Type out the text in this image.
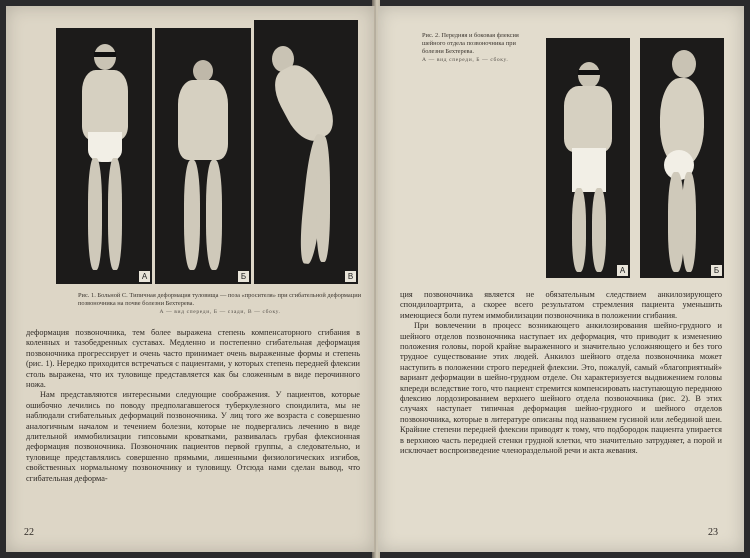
А	Б	В
Рис. 1. Больной С. Типичная деформация туловища — поза «просителя» при сгибательной деформации позвоночника на почве болезни Бехтерева.
А — вид спереди, Б — сзади, В — сбоку.

деформация позвоночника, тем более выражена степень компенсаторного сгибания в коленных и тазобедренных суставах. Медленно и постепенно сгибательная деформация позвоночника прогрессирует и очень часто принимает очень выраженные формы и степень (рис. 1). Нередко приходится встречаться с пациентами, у которых степень передней флексии столь выражена, что их туловище представляется как бы сложенным в виде перочинного ножа.

Нам представляются интересными следующие соображения. У пациентов, которые ошибочно лечились по поводу предполагавшегося туберкулезного спондилита, мы не наблюдали сгибательных деформаций позвоночника. У лиц того же возраста с совершенно аналогичным началом и течением болезни, которые не подвергались лечению в виде длительной иммобилизации гипсовыми кроватками, развивалась грубая флексионная деформация позвоночника. Позвоночник пациентов первой группы, а следовательно, и туловище представлялись совершенно прямыми, лишенными физиологических изгибов, свойственных нормальному позвоночнику и туловищу. Отсюда нами сделан вывод, что сгибательная деформа-

22
Рис. 2. Передняя и боковая флексия шейного отдела позвоночника при болезни Бехтерева.
А — вид спереди, Б — сбоку.
А	Б

ция позвоночника является не обязательным следствием анкилозирующего спондилоартрита, а скорее всего результатом стремления пациента уменьшить имеющиеся боли путем иммобилизации позвоночника в положении сгибания.

При вовлечении в процесс возникающего анкилозирования шейно-грудного и шейного отделов позвоночника наступает их деформация, что приводит к изменению положения головы, порой крайне выраженного и значительно усложняющего и без того трудное существование этих людей. Анкилоз шейного отдела позвоночника может наступить в положении строго передней флексии. Это, пожалуй, самый «благоприятный» вариант деформации в шейно-грудном отделе. Он характеризуется выдвижением головы кпереди вследствие того, что пациент стремится компенсировать наступающую переднюю флексию лордозированием верхнего шейного отдела позвоночника (рис. 2). В этих случаях наступает типичная деформация шейно-грудного и шейного отделов позвоночника, которые в литературе описаны под названием гусиной или лебединой шеи. Крайние степени передней флексии приводят к тому, что подбородок пациента упирается в верхнюю часть передней стенки грудной клетки, что значительно затрудняет, а порой и исключает воспроизведение членораздельной речи и акта жевания.

23
